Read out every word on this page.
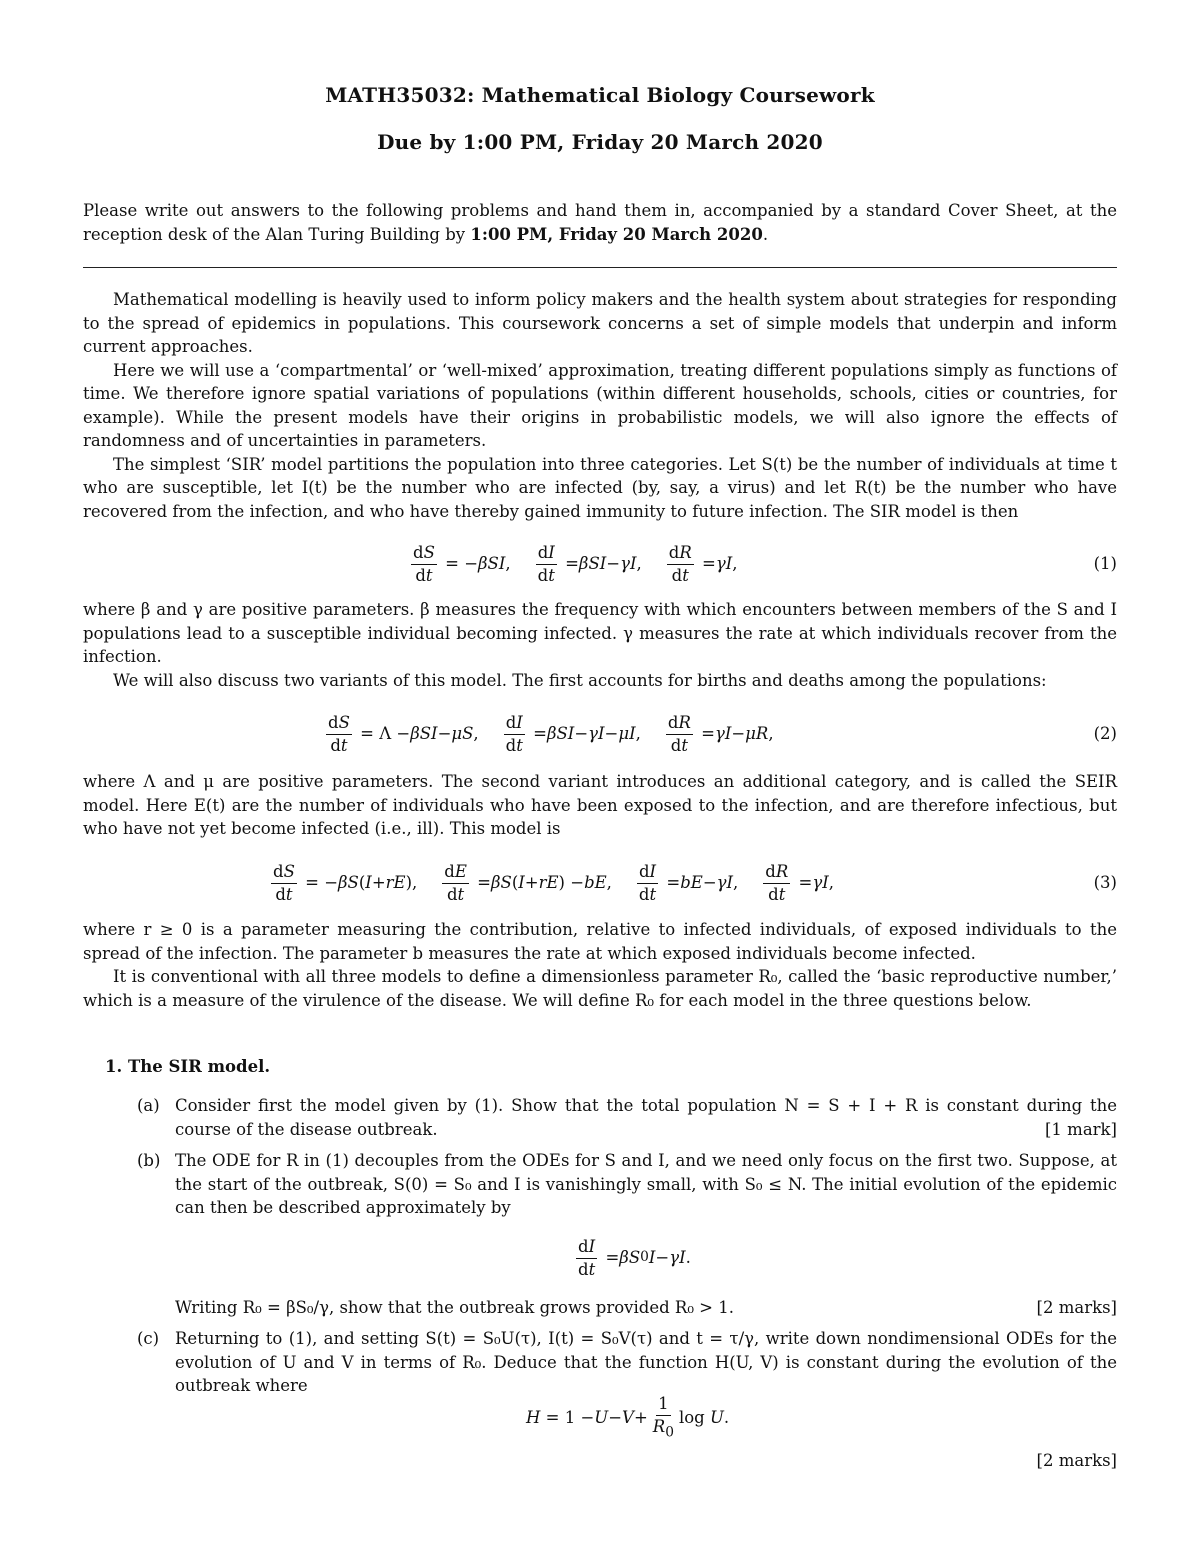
MATH35032: Mathematical Biology Coursework
Due by 1:00 PM, Friday 20 March 2020
Please write out answers to the following problems and hand them in, accompanied by a standard Cover Sheet, at the reception desk of the Alan Turing Building by 1:00 PM, Friday 20 March 2020.

Mathematical modelling is heavily used to inform policy makers and the health system about strategies for responding to the spread of epidemics in populations. This coursework concerns a set of simple models that underpin and inform current approaches.

Here we will use a ‘compartmental’ or ‘well-mixed’ approximation, treating different populations simply as functions of time. We therefore ignore spatial variations of populations (within different households, schools, cities or countries, for example). While the present models have their origins in probabilistic models, we will also ignore the effects of randomness and of uncertainties in parameters.

The simplest ‘SIR’ model partitions the population into three categories. Let S(t) be the number of individuals at time t who are susceptible, let I(t) be the number who are infected (by, say, a virus) and let R(t) be the number who have recovered from the infection, and who have thereby gained immunity to future infection. The SIR model is then

$\frac{dS}{dt}$ = − βSI , $\frac{dI}{dt} = \beta SI - \gamma I$ , $\frac{dR}{dt} = \gamma I$ ,	(1)

where β and γ are positive parameters. β measures the frequency with which encounters between members of the S and I populations lead to a susceptible individual becoming infected. γ measures the rate at which individuals recover from the infection.

We will also discuss two variants of this model. The first accounts for births and deaths among the populations:

$\frac{dS}{dt} = \Lambda - \beta SI - \mu S$ , $\frac{dI}{dt} = \beta SI - \gamma I - \mu I$ , $\frac{dR}{dt} = \gamma I - \mu R$ ,	(2)

where Λ and μ are positive parameters. The second variant introduces an additional category, and is called the SEIR model. Here E(t) are the number of individuals who have been exposed to the infection, and are therefore infectious, but who have not yet become infected (i.e., ill). This model is

$\frac{dS}{dt}$ = − βS ( I + rE ), $\frac{dE}{dt} = \beta S$ ( I + rE ) − bE , $\frac{dI}{dt}$ = bE − γI , $\frac{dR}{dt} = \gamma I$ ,	(3)

where r ≥ 0 is a parameter measuring the contribution, relative to infected individuals, of exposed individuals to the spread of the infection. The parameter b measures the rate at which exposed individuals become infected.

It is conventional with all three models to define a dimensionless parameter R₀, called the ‘basic reproductive number,’ which is a measure of the virulence of the disease. We will define R₀ for each model in the three questions below.

1. The SIR model.
(a) Consider first the model given by (1). Show that the total population N = S + I + R is constant during the course of the disease outbreak.	[1 mark]
(b) The ODE for R in (1) decouples from the ODEs for S and I, and we need only focus on the first two. Suppose, at the start of the outbreak, S(0) = S₀ and I is vanishingly small, with S₀ ≤ N. The initial evolution of the epidemic can then be described approximately by
$\frac{dI}{dt} = \beta S$ 0 I − γI .
Writing R₀ = βS₀/γ, show that the outbreak grows provided R₀ > 1.	[2 marks]
(c) Returning to (1), and setting S(t) = S₀U(τ), I(t) = S₀V(τ) and t = τ/γ, write down nondimensional ODEs for the evolution of U and V in terms of R₀. Deduce that the function H(U, V) is constant during the evolution of the outbreak where
$H = 1 - U - V + \frac{1}{R_0}$ log U .
[2 marks]
